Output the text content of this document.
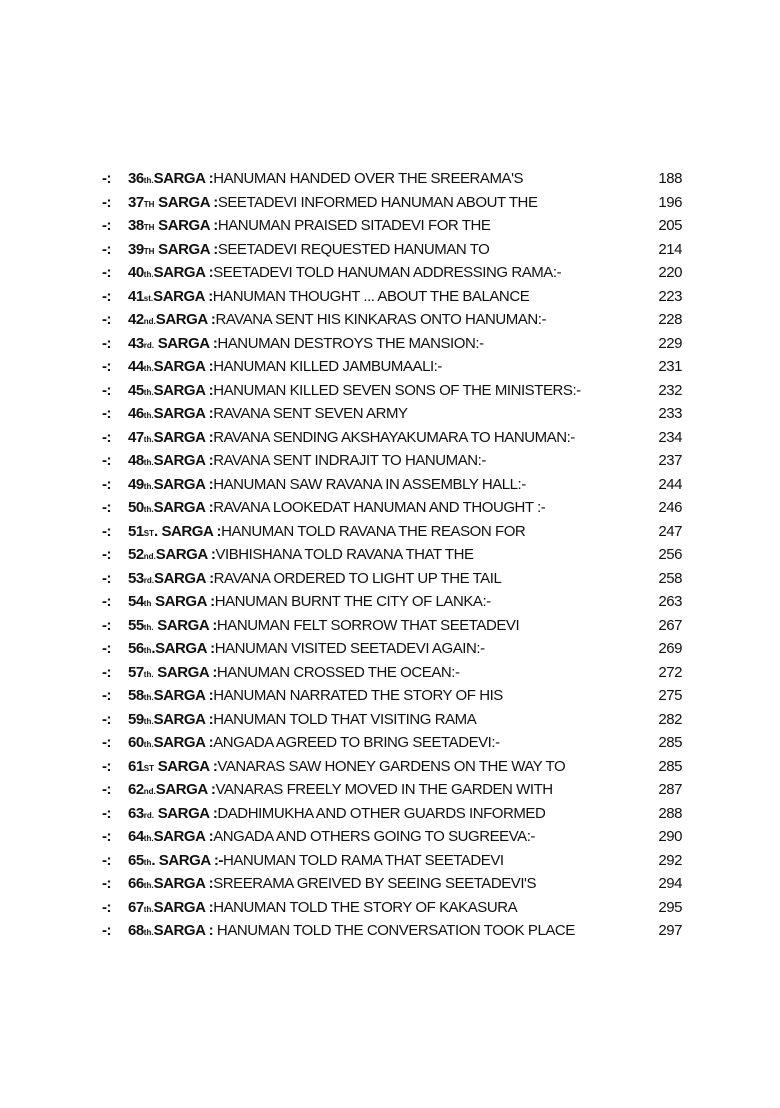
-:	36 th. SARGA : HANUMAN HANDED OVER THE SREERAMA'S	188
-:	37 TH SARGA : SEETADEVI INFORMED HANUMAN ABOUT THE	196
-:	38 TH SARGA : HANUMAN PRAISED SITADEVI FOR THE	205
-:	39 TH SARGA : SEETADEVI REQUESTED HANUMAN TO	214
-:	40 th. SARGA : SEETADEVI TOLD HANUMAN ADDRESSING RAMA:-	220
-:	41 st. SARGA : HANUMAN THOUGHT ... ABOUT THE BALANCE	223
-:	42 nd. SARGA : RAVANA SENT HIS KINKARAS ONTO HANUMAN:-	228
-:	43 rd. SARGA : HANUMAN DESTROYS THE MANSION:-	229
-:	44 th. SARGA : HANUMAN KILLED JAMBUMAALI:-	231
-:	45 th. SARGA : HANUMAN KILLED SEVEN SONS OF THE MINISTERS:-	232
-:	46 th. SARGA : RAVANA SENT SEVEN ARMY	233
-:	47 th. SARGA : RAVANA SENDING AKSHAYAKUMARA TO HANUMAN:-	234
-:	48 th. SARGA : RAVANA SENT INDRAJIT TO HANUMAN:-	237
-:	49 th. SARGA : HANUMAN SAW RAVANA IN ASSEMBLY HALL:-	244
-:	50 th. SARGA : RAVANA LOOKEDAT HANUMAN AND THOUGHT :-	246
-:	51 ST . SARGA : HANUMAN TOLD RAVANA THE REASON FOR	247
-:	52 nd. SARGA : VIBHISHANA TOLD RAVANA THAT THE	256
-:	53 rd. SARGA : RAVANA ORDERED TO LIGHT UP THE TAIL	258
-:	54 th SARGA : HANUMAN BURNT THE CITY OF LANKA:-	263
-:	55 th. SARGA : HANUMAN FELT SORROW THAT SEETADEVI	267
-:	56 th .SARGA : HANUMAN VISITED SEETADEVI AGAIN:-	269
-:	57 th. SARGA : HANUMAN CROSSED THE OCEAN:-	272
-:	58 th. SARGA : HANUMAN NARRATED THE STORY OF HIS	275
-:	59 th. SARGA : HANUMAN TOLD THAT VISITING RAMA	282
-:	60 th. SARGA : ANGADA AGREED TO BRING SEETADEVI:-	285
-:	61 ST SARGA : VANARAS SAW HONEY GARDENS ON THE WAY TO	285
-:	62 nd. SARGA : VANARAS FREELY MOVED IN THE GARDEN WITH	287
-:	63 rd. SARGA : DADHIMUKHA AND OTHER GUARDS INFORMED	288
-:	64 th. SARGA : ANGADA AND OTHERS GOING TO SUGREEVA:-	290
-:	65 th . SARGA :- HANUMAN TOLD RAMA THAT SEETADEVI	292
-:	66 th. SARGA : SREERAMA GREIVED BY SEEING SEETADEVI'S	294
-:	67 th. SARGA : HANUMAN TOLD THE STORY OF KAKASURA	295
-:	68 th. SARGA : HANUMAN TOLD THE CONVERSATION TOOK PLACE	297
